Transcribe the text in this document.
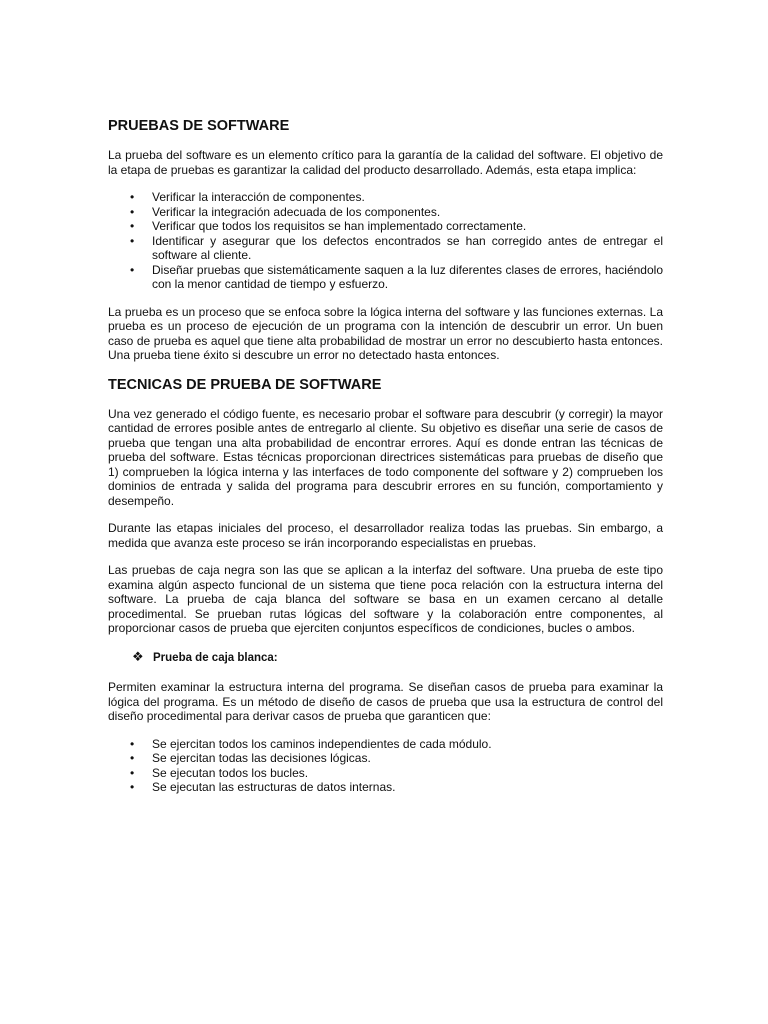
PRUEBAS DE SOFTWARE

La prueba del software es un elemento crítico para la garantía de la calidad del software. El objetivo de la etapa de pruebas es garantizar la calidad del producto desarrollado. Además, esta etapa implica:

• Verificar la interacción de componentes.
• Verificar la integración adecuada de los componentes.
• Verificar que todos los requisitos se han implementado correctamente.
• Identificar y asegurar que los defectos encontrados se han corregido antes de entregar el software al cliente.
• Diseñar pruebas que sistemáticamente saquen a la luz diferentes clases de errores, haciéndolo con la menor cantidad de tiempo y esfuerzo.

La prueba es un proceso que se enfoca sobre la lógica interna del software y las funciones externas. La prueba es un proceso de ejecución de un programa con la intención de descubrir un error. Un buen caso de prueba es aquel que tiene alta probabilidad de mostrar un error no descubierto hasta entonces. Una prueba tiene éxito si descubre un error no detectado hasta entonces.

TECNICAS DE PRUEBA DE SOFTWARE

Una vez generado el código fuente, es necesario probar el software para descubrir (y corregir) la mayor cantidad de errores posible antes de entregarlo al cliente. Su objetivo es diseñar una serie de casos de prueba que tengan una alta probabilidad de encontrar errores. Aquí es donde entran las técnicas de prueba del software. Estas técnicas proporcionan directrices sistemáticas para pruebas de diseño que 1) comprueben la lógica interna y las interfaces de todo componente del software y 2) comprueben los dominios de entrada y salida del programa para descubrir errores en su función, comportamiento y desempeño.

Durante las etapas iniciales del proceso, el desarrollador realiza todas las pruebas. Sin embargo, a medida que avanza este proceso se irán incorporando especialistas en pruebas.

Las pruebas de caja negra son las que se aplican a la interfaz del software. Una prueba de este tipo examina algún aspecto funcional de un sistema que tiene poca relación con la estructura interna del software. La prueba de caja blanca del software se basa en un examen cercano al detalle procedimental. Se prueban rutas lógicas del software y la colaboración entre componentes, al proporcionar casos de prueba que ejerciten conjuntos específicos de condiciones, bucles o ambos.

❖ Prueba de caja blanca:

Permiten examinar la estructura interna del programa. Se diseñan casos de prueba para examinar la lógica del programa. Es un método de diseño de casos de prueba que usa la estructura de control del diseño procedimental para derivar casos de prueba que garanticen que:

• Se ejercitan todos los caminos independientes de cada módulo.
• Se ejercitan todas las decisiones lógicas.
• Se ejecutan todos los bucles.
• Se ejecutan las estructuras de datos internas.
